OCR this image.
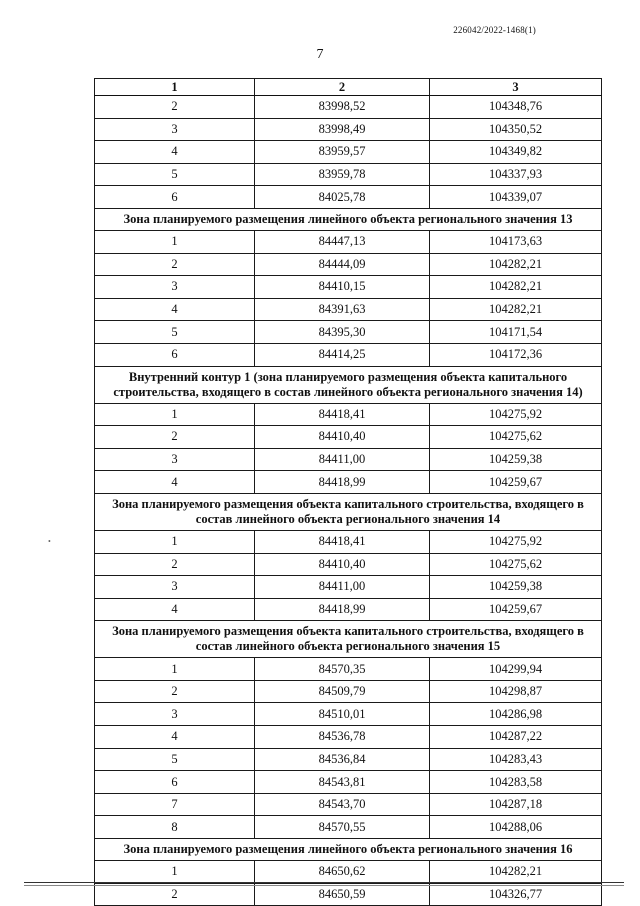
226042/2022-1468(1)
7
•
1	2	3
2	83998,52	104348,76
3	83998,49	104350,52
4	83959,57	104349,82
5	83959,78	104337,93
6	84025,78	104339,07
Зона планируемого размещения линейного объекта регионального значения 13		
1	84447,13	104173,63
2	84444,09	104282,21
3	84410,15	104282,21
4	84391,63	104282,21
5	84395,30	104171,54
6	84414,25	104172,36
Внутренний контур 1 (зона планируемого размещения объекта капитального строительства, входящего в состав линейного объекта регионального значения 14)		
1	84418,41	104275,92
2	84410,40	104275,62
3	84411,00	104259,38
4	84418,99	104259,67
Зона планируемого размещения объекта капитального строительства, входящего в состав линейного объекта регионального значения 14		
1	84418,41	104275,92
2	84410,40	104275,62
3	84411,00	104259,38
4	84418,99	104259,67
Зона планируемого размещения объекта капитального строительства, входящего в состав линейного объекта регионального значения 15		
1	84570,35	104299,94
2	84509,79	104298,87
3	84510,01	104286,98
4	84536,78	104287,22
5	84536,84	104283,43
6	84543,81	104283,58
7	84543,70	104287,18
8	84570,55	104288,06
Зона планируемого размещения линейного объекта регионального значения 16		
1	84650,62	104282,21
2	84650,59	104326,77
